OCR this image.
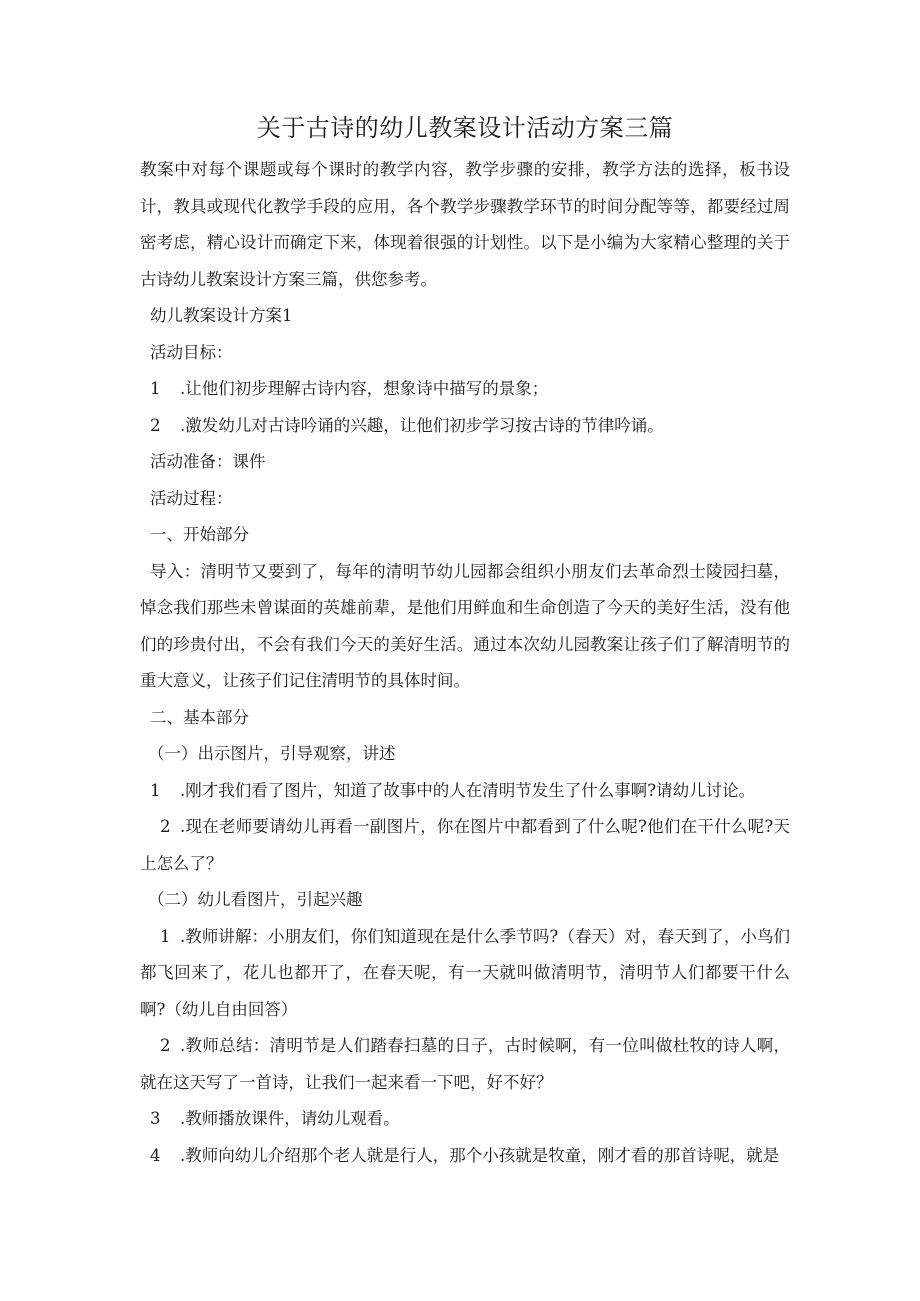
关于古诗的幼儿教案设计活动方案三篇

教案中对每个课题或每个课时的教学内容，教学步骤的安排，教学方法的选择，板书设计，教具或现代化教学手段的应用，各个教学步骤教学环节的时间分配等等，都要经过周密考虑，精心设计而确定下来，体现着很强的计划性。以下是小编为大家精心整理的关于古诗幼儿教案设计方案三篇，供您参考。

幼儿教案设计方案1

活动目标：

1 .让他们初步理解古诗内容，想象诗中描写的景象；

2 .激发幼儿对古诗吟诵的兴趣，让他们初步学习按古诗的节律吟诵。

活动准备：课件

活动过程：

一、开始部分

导入：清明节又要到了，每年的清明节幼儿园都会组织小朋友们去革命烈士陵园扫墓，悼念我们那些未曾谋面的英雄前辈，是他们用鲜血和生命创造了今天的美好生活，没有他们的珍贵付出，不会有我们今天的美好生活。通过本次幼儿园教案让孩子们了解清明节的重大意义，让孩子们记住清明节的具体时间。

二、基本部分

（一）出示图片，引导观察，讲述

1 .刚才我们看了图片，知道了故事中的人在清明节发生了什么事啊?请幼儿讨论。

2 .现在老师要请幼儿再看一副图片，你在图片中都看到了什么呢?他们在干什么呢?天上怎么了？

（二）幼儿看图片，引起兴趣

1 .教师讲解：小朋友们，你们知道现在是什么季节吗?（春天）对，春天到了，小鸟们都飞回来了，花儿也都开了，在春天呢，有一天就叫做清明节，清明节人们都要干什么啊?（幼儿自由回答）

2 .教师总结：清明节是人们踏春扫墓的日子，古时候啊，有一位叫做杜牧的诗人啊，就在这天写了一首诗，让我们一起来看一下吧，好不好？

3 .教师播放课件，请幼儿观看。

4 .教师向幼儿介绍那个老人就是行人，那个小孩就是牧童，刚才看的那首诗呢，就是
